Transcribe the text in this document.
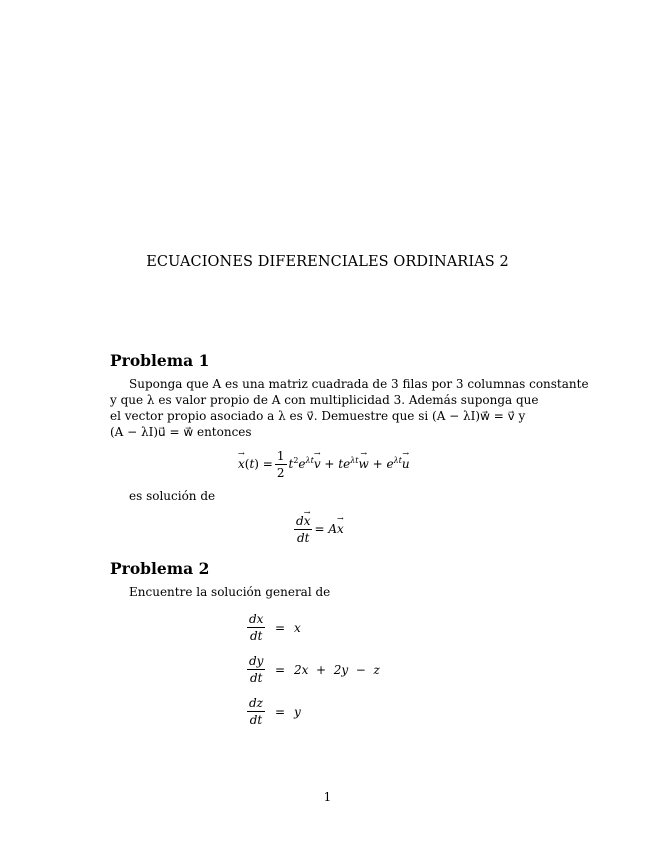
ECUACIONES DIFERENCIALES ORDINARIAS 2
Problema 1
Suponga que A es una matriz cuadrada de 3 filas por 3 columnas constante
y que λ es valor propio de A con multiplicidad 3. Además suponga que
el vector propio asociado a λ es v⃗. Demuestre que si (A − λI)w⃗ = v⃗ y
(A − λI)u⃗ = w⃗ entonces
→ $x(t) = \frac{1}{2} t^2e^{\lambda t}\to v + te^{\lambda t}\to w + e^{\lambda t}\to u$
es solución de
$\frac{d\to x}{dt} = A\to x$
Problema 2
Encuentre la solución general de
$\frac{dx}{dt} = x$
$\frac{dy}{dt} = 2x + 2y - z$
$\frac{dz}{dt} = y$
1
